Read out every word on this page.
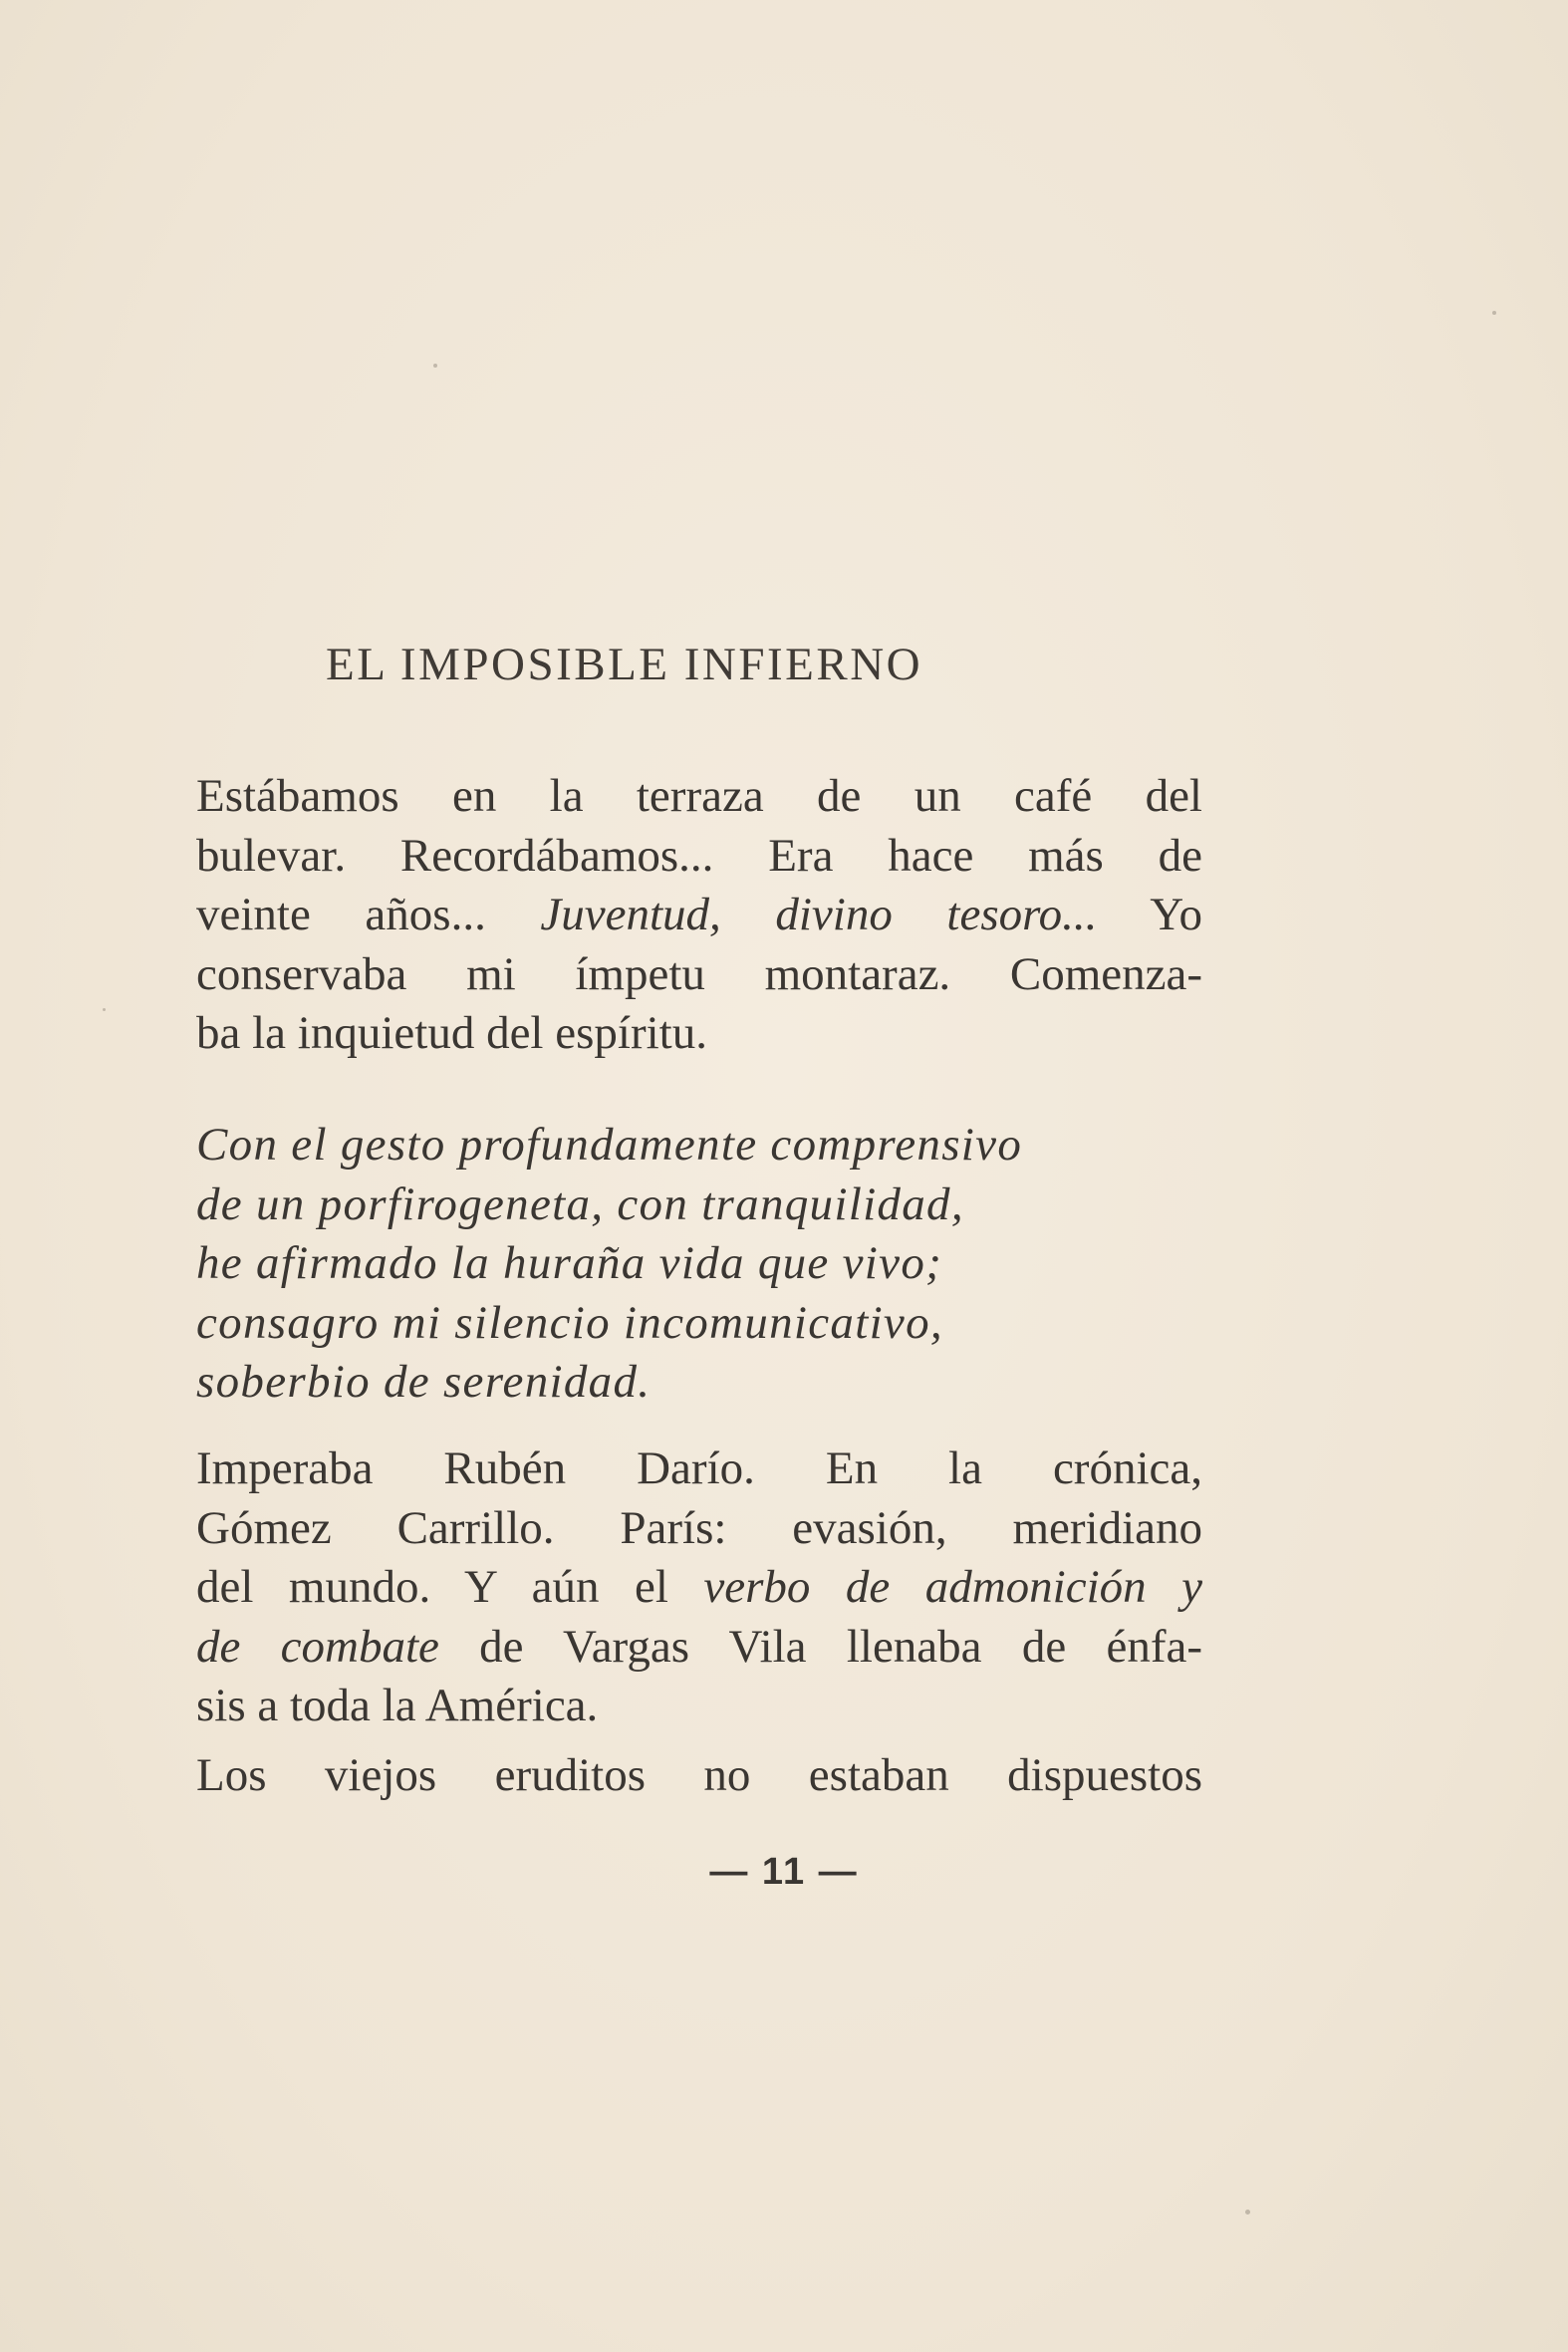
EL IMPOSIBLE INFIERNO
Estábamos en la terraza de un café del
bulevar. Recordábamos... Era hace más de
veinte años... Juventud, divino tesoro... Yo
conservaba mi ímpetu montaraz. Comenza-
ba la inquietud del espíritu.
Con el gesto profundamente comprensivo
de un porfirogeneta, con tranquilidad,
he afirmado la huraña vida que vivo;
consagro mi silencio incomunicativo,
soberbio de serenidad.
Imperaba Rubén Darío. En la crónica,
Gómez Carrillo. París: evasión, meridiano
del mundo. Y aún el verbo de admonición y
de combate de Vargas Vila llenaba de énfa-
sis a toda la América.
Los viejos eruditos no estaban dispuestos
— 11 —
